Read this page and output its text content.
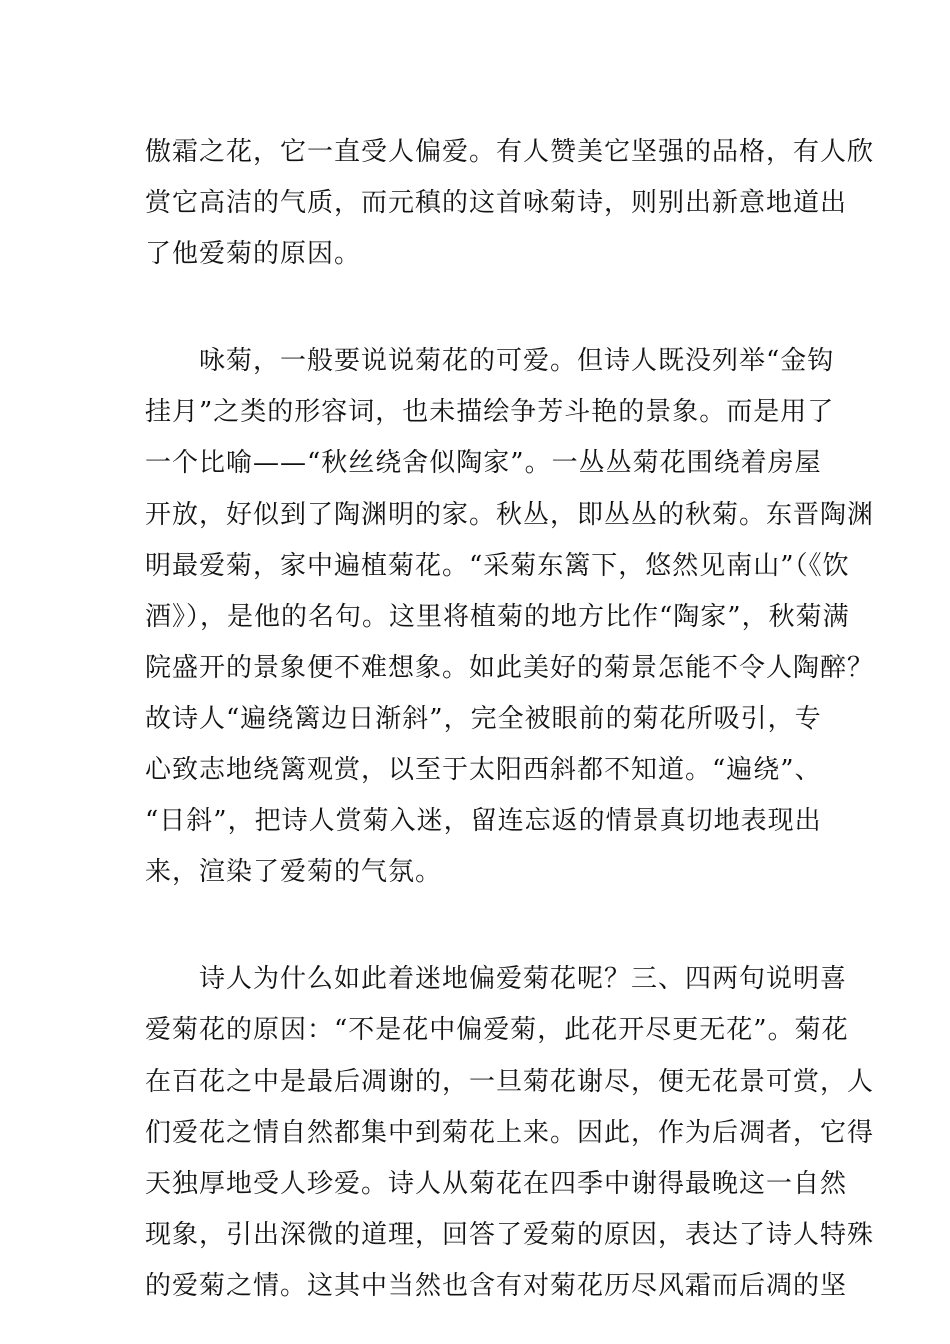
傲霜之花，它一直受人偏爱。有人赞美它坚强的品格，有人欣
赏它高洁的气质，而元稹的这首咏菊诗，则别出新意地道出
了他爱菊的原因。
咏菊，一般要说说菊花的可爱。但诗人既没列举“金钩
挂月”之类的形容词，也未描绘争芳斗艳的景象。而是用了
一个比喻——“秋丝绕舍似陶家”。一丛丛菊花围绕着房屋
开放，好似到了陶渊明的家。秋丛，即丛丛的秋菊。东晋陶渊
明最爱菊，家中遍植菊花。“采菊东篱下，悠然见南山”（《饮
酒》），是他的名句。这里将植菊的地方比作“陶家”，秋菊满
院盛开的景象便不难想象。如此美好的菊景怎能不令人陶醉？
故诗人“遍绕篱边日渐斜”，完全被眼前的菊花所吸引，专
心致志地绕篱观赏，以至于太阳西斜都不知道。“遍绕”、
“日斜”，把诗人赏菊入迷，留连忘返的情景真切地表现出
来，渲染了爱菊的气氛。
诗人为什么如此着迷地偏爱菊花呢？三、四两句说明喜
爱菊花的原因：“不是花中偏爱菊，此花开尽更无花”。菊花
在百花之中是最后凋谢的，一旦菊花谢尽，便无花景可赏，人
们爱花之情自然都集中到菊花上来。因此，作为后凋者，它得
天独厚地受人珍爱。诗人从菊花在四季中谢得最晚这一自然
现象，引出深微的道理，回答了爱菊的原因，表达了诗人特殊
的爱菊之情。这其中当然也含有对菊花历尽风霜而后凋的坚
